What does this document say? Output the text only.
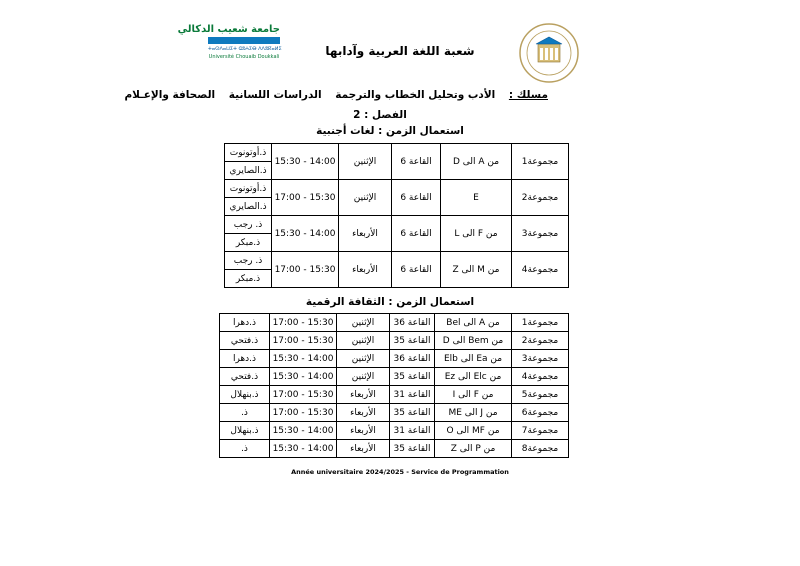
جامعة شعيب الدكالي
ⵜⴰⵙⴷⴰⵡⵉⵜ ⵛⵓⵄⵉⴱ ⴷⴷⵓⴽⴰⵍⵉ
Université Chouaib Doukkali	شعبة اللغة العربية وآدابها
مسلك : الأدب وتحليل الخطاب والترجمة الدراسات اللسانية الصحافة والإعـلام
الفصل : 2
استعمال الزمن : لغات أجنبية
مجموعة1	من A الى D	القاعة 6	الإثنين	14:00 - 15:30	ذ.أوتونوت
					ذ.الصايري
مجموعة2	E	القاعة 6	الإثنين	15:30 - 17:00	ذ.أوتونوت
					ذ.الصايري
مجموعة3	من F الى L	القاعة 6	الأربعاء	14:00 - 15:30	ذ. رجب
					ذ.مبكر
مجموعة4	من M الى Z	القاعة 6	الأربعاء	15:30 - 17:00	ذ. رجب
					ذ.مبكر
استعمال الزمن : الثقافة الرقمية
مجموعة1	من A الى Bel	القاعة 36	الإثنين	15:30 - 17:00	ذ.دهرا
مجموعة2	من Bem الى D	القاعة 35	الإثنين	15:30 - 17:00	ذ.فتحي
مجموعة3	من Ea الى Elb	القاعة 36	الإثنين	14:00 - 15:30	ذ.دهرا
مجموعة4	من Elc الى Ez	القاعة 35	الإثنين	14:00 - 15:30	ذ.فتحي
مجموعة5	من F الى I	القاعة 31	الأربعاء	15:30 - 17:00	ذ.بنهلال
مجموعة6	من J الى ME	القاعة 35	الأربعاء	15:30 - 17:00	ذ.
مجموعة7	من MF الى O	القاعة 31	الأربعاء	14:00 - 15:30	ذ.بنهلال
مجموعة8	من P الى Z	القاعة 35	الأربعاء	14:00 - 15:30	ذ.
Année universitaire 2024/2025 - Service de Programmation
